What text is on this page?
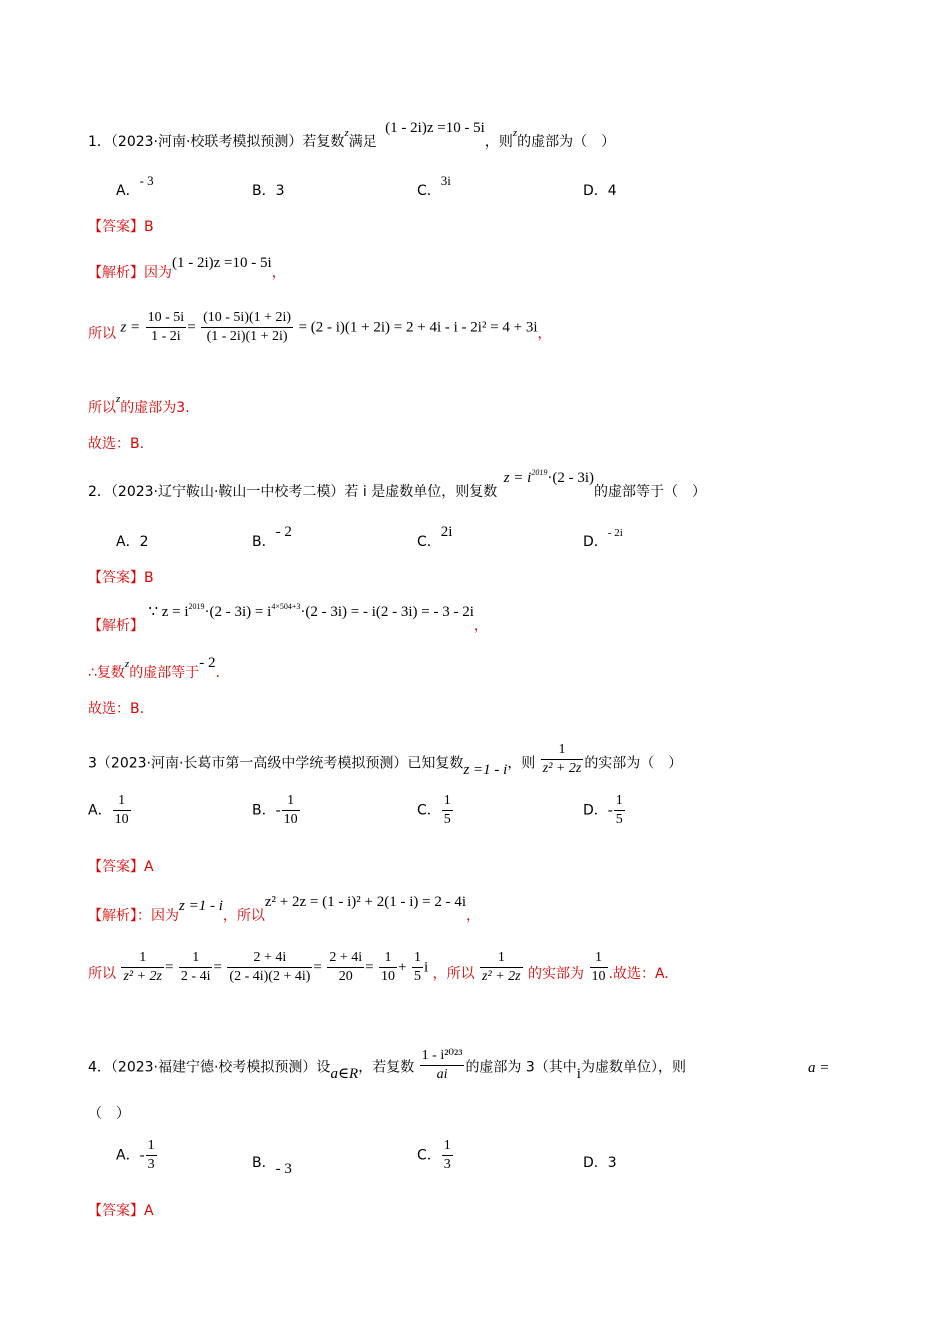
1．（2023·河南·校联考模拟预测）若复数$^z$满足 (1 - 2i)z =10 - 5i，则$^z$的虚部为（　）
A．- 3
B．3	C．3i
D．4
【答案】B
【解析】因为(1 - 2i)z =10 - 5i，
所以 $z = \frac{10 - 5i}{1 - 2i} = \frac{(10 - 5i)(1 + 2i)}{(1 - 2i)(1 + 2i)} = (2 - i)(1 + 2i) = 2 + 4i - i - 2i^2 = 4 + 3i$，
所以$^z$的虚部为3.
故选：B.
2．（2023·辽宁鞍山·鞍山一中校考二模）若 i 是虚数单位，则复数 $z = i^{2019}\cdot(2 - 3i)$的虚部等于（　）
A．2	B．- 2
C．2i
D．$^{- 2i}$
【答案】B
【解析】 ∵ $z = i^{2019}\cdot(2 - 3i) = i^{4\times 504+3}\cdot(2 - 3i)$ = - i(2 - 3i) = - 3 - 2i，
∴复数$^z$的虚部等于- 2.
故选：B.
3（2023·河南·长葛市第一高级中学统考模拟预测）已知复数z =1 - i，则 $\frac{1}{\text{z² + 2z}}$ 的实部为（　）
A． $\frac{1}{10}$	B．- $\frac{1}{10}$	C． $\frac{1}{5}$	D．- $\frac{1}{5}$
【答案】A
【解析】：因为z =1 - i，所以z² + 2z = (1 - i)² + 2(1 - i) = 2 - 4i，
所以 $\frac{1}{\text{z² + 2z}} = \frac{1}{2 - 4i} = \frac{2 + 4i}{(2 - 4i)(2 + 4i)} = \frac{2 + 4i}{20} = \frac{1}{10} + \frac{1}{5}$ i ，所以 $\frac{1}{\text{z² + 2z}}$ 的实部为 $\frac{1}{10}$ .故选：A.
4．（2023·福建宁德·校考模拟预测）设a∈R，若复数 $\frac{\text{1 - i²⁰²³}}{ai}$ 的虚部为 3（其中i为虚数单位），则	a =
（　）
A．- $\frac{1}{3}$	B．- 3
C． $\frac{1}{3}$	D．3
【答案】A
